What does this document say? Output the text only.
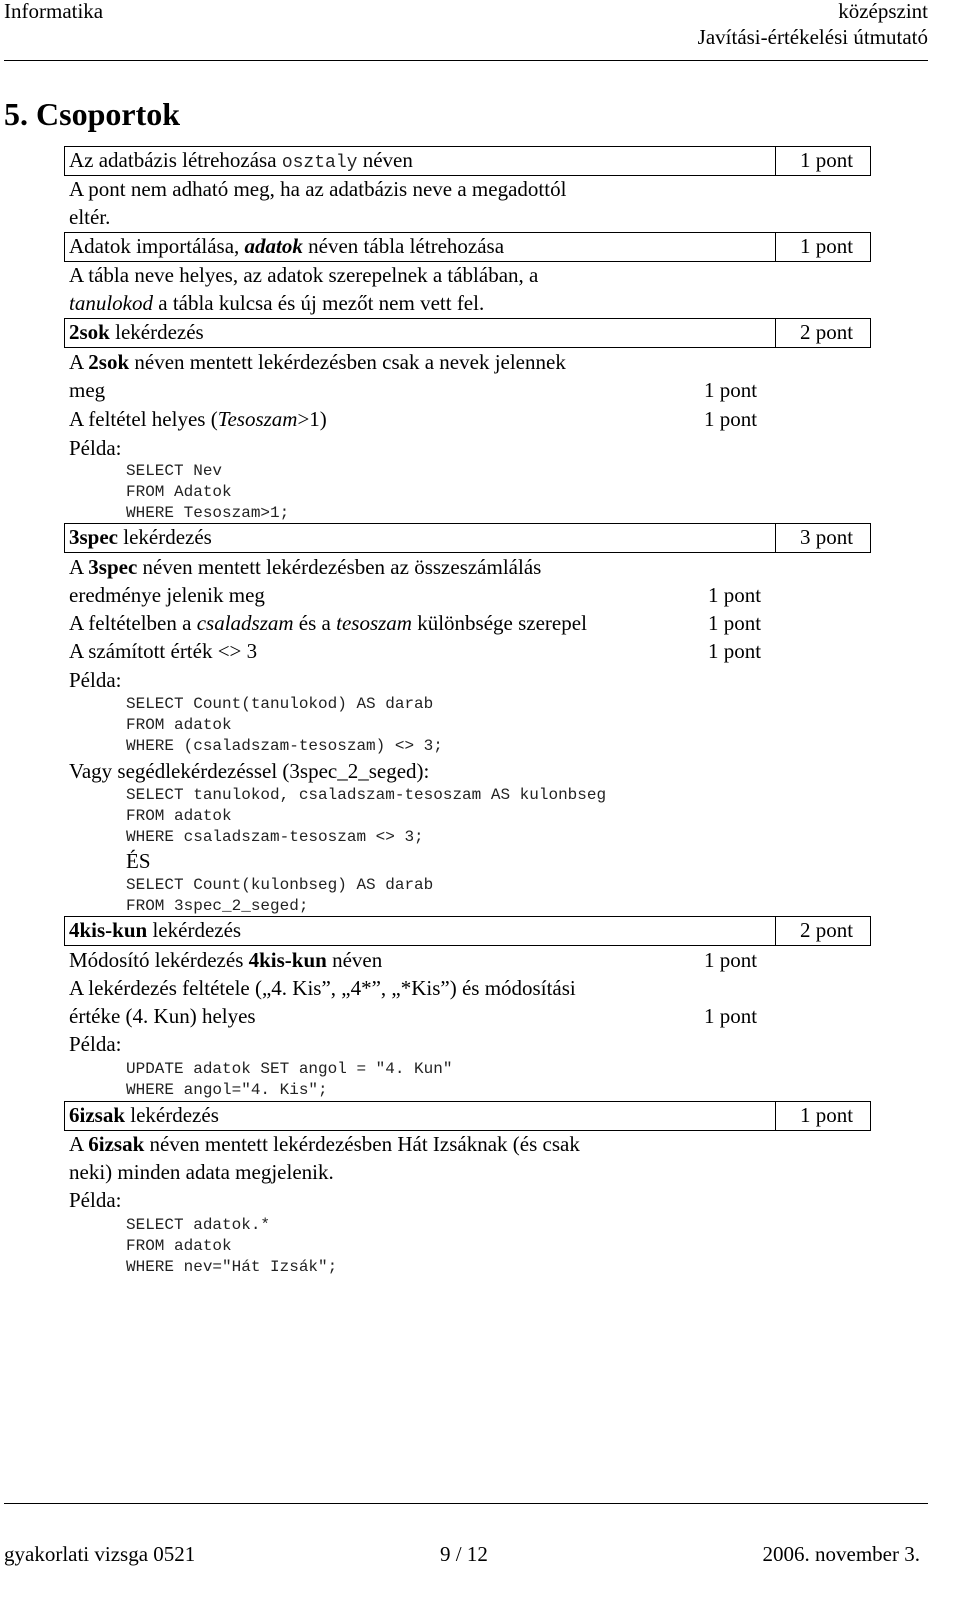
Informatika	középszint
Javítási-értékelési útmutató
5. Csoportok
Az adatbázis létrehozása osztaly néven	1 pont
A pont nem adható meg, ha az adatbázis neve a megadottól
eltér.
Adatok importálása, adatok néven tábla létrehozása	1 pont
A tábla neve helyes, az adatok szerepelnek a táblában, a
tanulokod a tábla kulcsa és új mezőt nem vett fel.
2sok lekérdezés	2 pont
A 2sok néven mentett lekérdezésben csak a nevek jelennek
meg	1 pont
A feltétel helyes (Tesoszam>1)	1 pont
Példa:
SELECT Nev
FROM Adatok
WHERE Tesoszam>1;
3spec lekérdezés	3 pont
A 3spec néven mentett lekérdezésben az összeszámlálás
eredménye jelenik meg	1 pont
A feltételben a csaladszam és a tesoszam különbsége szerepel	1 pont
A számított érték <> 3	1 pont
Példa:
SELECT Count(tanulokod) AS darab
FROM adatok
WHERE (csaladszam-tesoszam) <> 3;
Vagy segédlekérdezéssel (3spec_2_seged):
SELECT tanulokod, csaladszam-tesoszam AS kulonbseg
FROM adatok
WHERE csaladszam-tesoszam <> 3;
ÉS
SELECT Count(kulonbseg) AS darab
FROM 3spec_2_seged;
4kis-kun lekérdezés	2 pont
Módosító lekérdezés 4kis-kun néven	1 pont
A lekérdezés feltétele („4. Kis”, „4*”, „*Kis”) és módosítási
értéke (4. Kun) helyes	1 pont
Példa:
UPDATE adatok SET angol = "4. Kun"
WHERE angol="4. Kis";
6izsak lekérdezés	1 pont
A 6izsak néven mentett lekérdezésben Hát Izsáknak (és csak
neki) minden adata megjelenik.
Példa:
SELECT adatok.*
FROM adatok
WHERE nev="Hát Izsák";
gyakorlati vizsga 0521	9 / 12	2006. november 3.
